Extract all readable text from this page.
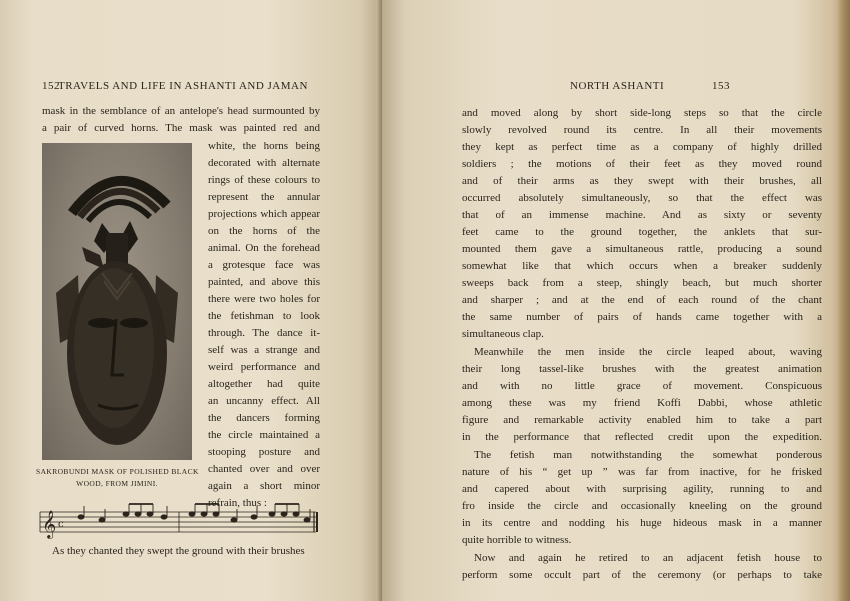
152
TRAVELS AND LIFE IN ASHANTI AND JAMAN
mask in the semblance of an antelope's head surmounted by
a pair of curved horns. The mask was painted red and
white, the horns being
decorated with alternate
rings of these colours to
represent the annular
projections which appear
on the horns of the
animal. On the forehead
a grotesque face was
painted, and above this
there were two holes for
the fetishman to look
through. The dance it-
self was a strange and
weird performance and
altogether had quite
an uncanny effect. All
the dancers forming
the circle maintained a
stooping posture and
chanted over and over
again a short minor
refrain, thus :
SAKROBUNDI MASK OF POLISHED BLACK
WOOD, FROM JIMINI.
𝄞 c
As they chanted they swept the ground with their brushes
NORTH ASHANTI	153
and moved along by short side-long steps so that the circle
slowly revolved round its centre. In all their movements
they kept as perfect time as a company of highly drilled
soldiers ; the motions of their feet as they moved round
and of their arms as they swept with their brushes, all
occurred absolutely simultaneously, so that the effect was
that of an immense machine. And as sixty or seventy
feet came to the ground together, the anklets that sur-
mounted them gave a simultaneous rattle, producing a sound
somewhat like that which occurs when a breaker suddenly
sweeps back from a steep, shingly beach, but much shorter
and sharper ; and at the end of each round of the chant
the same number of pairs of hands came together with a
simultaneous clap.
Meanwhile the men inside the circle leaped about, waving
their long tassel-like brushes with the greatest animation
and with no little grace of movement. Conspicuous
among these was my friend Koffi Dabbi, whose athletic
figure and remarkable activity enabled him to take a part
in the performance that reflected credit upon the expedition.
The fetish man notwithstanding the somewhat ponderous
nature of his “ get up ” was far from inactive, for he frisked
and capered about with surprising agility, running to and
fro inside the circle and occasionally kneeling on the ground
in its centre and nodding his huge hideous mask in a manner
quite horrible to witness.
Now and again he retired to an adjacent fetish house to
perform some occult part of the ceremony (or perhaps to take
